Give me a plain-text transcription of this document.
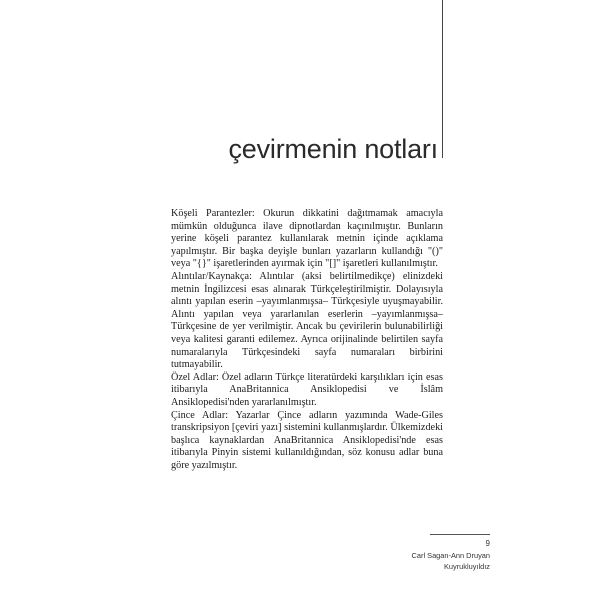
çevirmenin notları

Köşeli Parantezler: Okurun dikkatini dağıtmamak amacıyla mümkün olduğunca ilave dipnotlardan kaçınılmıştır. Bunların yerine köşeli parantez kullanılarak metnin içinde açıklama yapılmıştır. Bir başka deyişle bunları yazarların kullandığı "()" veya "{}" işaretlerinden ayırmak için "[]" işaretleri kullanılmıştır.

Alıntılar/Kaynakça: Alıntılar (aksi belirtilmedikçe) elinizdeki metnin İngilizcesi esas alınarak Türkçeleştirilmiştir. Dolayısıyla alıntı yapılan eserin –yayımlanmışsa– Türkçesiyle uyuşmayabilir. Alıntı yapılan veya yararlanılan eserlerin –yayımlanmışsa– Türkçesine de yer verilmiştir. Ancak bu çevirilerin bulunabilirliği veya kalitesi garanti edilemez. Ayrıca orijinalinde belirtilen sayfa numaralarıyla Türkçesindeki sayfa numaraları birbirini tutmayabilir.

Özel Adlar: Özel adların Türkçe literatürdeki karşılıkları için esas itibarıyla AnaBritannica Ansiklopedisi ve İslâm Ansiklopedisi'nden yararlanılmıştır.

Çince Adlar: Yazarlar Çince adların yazımında Wade-Giles transkripsiyon [çeviri yazı] sistemini kullanmışlardır. Ülkemizdeki başlıca kaynaklardan AnaBritannica Ansiklopedisi'nde esas itibarıyla Pinyin sistemi kullanıldığından, söz konusu adlar buna göre yazılmıştır.

9
Carl Sagan-Ann Druyan
Kuyrukluyıldız
